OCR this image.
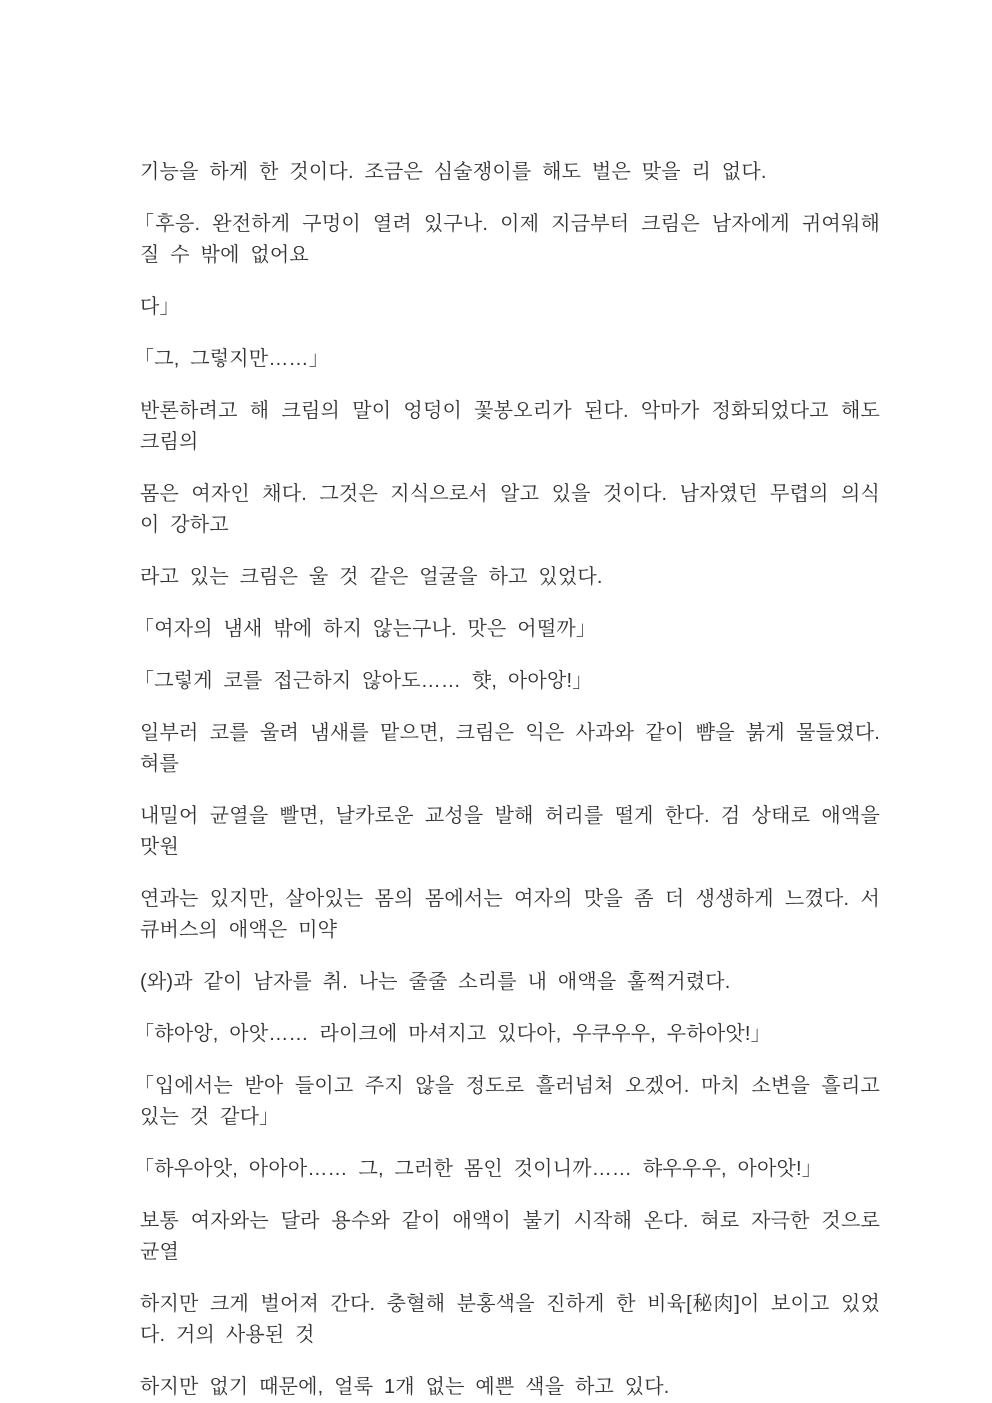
기능을 하게 한 것이다. 조금은 심술쟁이를 해도 벌은 맞을 리 없다.

「후응. 완전하게 구멍이 열려 있구나. 이제 지금부터 크림은 남자에게 귀여워해질 수 밖에 없어요

다」

「그, 그렇지만……」

반론하려고 해 크림의 말이 엉덩이 꽃봉오리가 된다. 악마가 정화되었다고 해도 크림의

몸은 여자인 채다. 그것은 지식으로서 알고 있을 것이다. 남자였던 무렵의 의식이 강하고

라고 있는 크림은 울 것 같은 얼굴을 하고 있었다.

「여자의 냄새 밖에 하지 않는구나. 맛은 어떨까」

「그렇게 코를 접근하지 않아도…… 햣, 아아앙!」

일부러 코를 울려 냄새를 맡으면, 크림은 익은 사과와 같이 뺨을 붉게 물들였다. 혀를

내밀어 균열을 빨면, 날카로운 교성을 발해 허리를 떨게 한다. 검 상태로 애액을 맛원

연과는 있지만, 살아있는 몸의 몸에서는 여자의 맛을 좀 더 생생하게 느꼈다. 서큐버스의 애액은 미약

(와)과 같이 남자를 취. 나는 줄줄 소리를 내 애액을 훌쩍거렸다.

「햐아앙, 아앗…… 라이크에 마셔지고 있다아, 우쿠우우, 우하아앗!」

「입에서는 받아 들이고 주지 않을 정도로 흘러넘쳐 오겠어. 마치 소변을 흘리고 있는 것 같다」

「하우아앗, 아아아…… 그, 그러한 몸인 것이니까…… 햐우우우, 아아앗!」

보통 여자와는 달라 용수와 같이 애액이 불기 시작해 온다. 혀로 자극한 것으로 균열

하지만 크게 벌어져 간다. 충혈해 분홍색을 진하게 한 비육[秘肉]이 보이고 있었다. 거의 사용된 것

하지만 없기 때문에, 얼룩 1개 없는 예쁜 색을 하고 있다.
